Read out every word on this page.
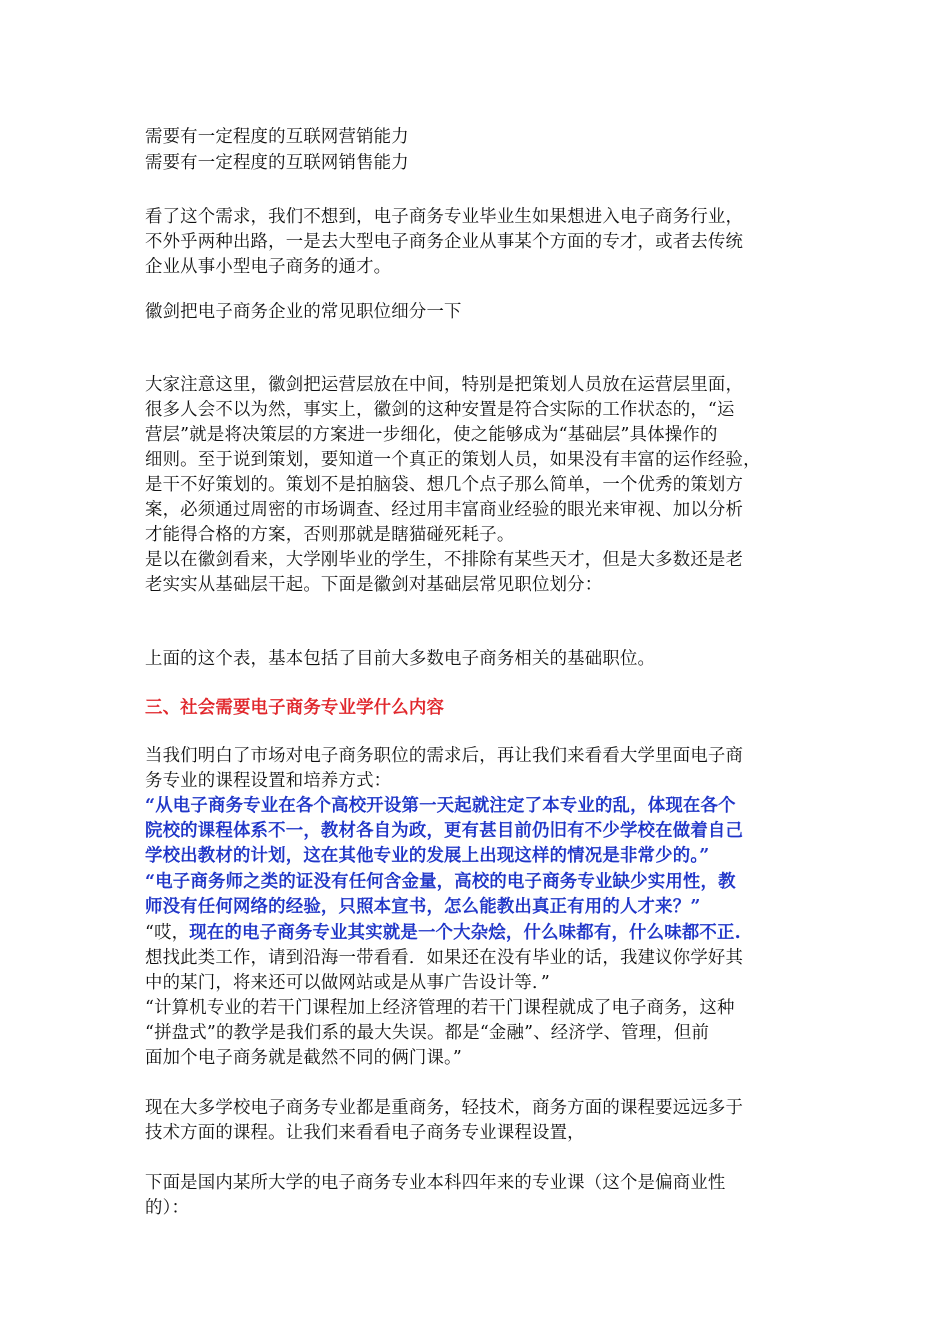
需要有一定程度的互联网营销能力

需要有一定程度的互联网销售能力

看了这个需求，我们不想到，电子商务专业毕业生如果想进入电子商务行业，

不外乎两种出路，一是去大型电子商务企业从事某个方面的专才，或者去传统

企业从事小型电子商务的通才。

徽剑把电子商务企业的常见职位细分一下

大家注意这里，徽剑把运营层放在中间，特别是把策划人员放在运营层里面，

很多人会不以为然，事实上，徽剑的这种安置是符合实际的工作状态的，“运

营层”就是将决策层的方案进一步细化，使之能够成为“基础层”具体操作的

细则。至于说到策划，要知道一个真正的策划人员，如果没有丰富的运作经验，

是干不好策划的。策划不是拍脑袋、想几个点子那么简单，一个优秀的策划方

案，必须通过周密的市场调查、经过用丰富商业经验的眼光来审视、加以分析

才能得合格的方案，否则那就是瞎猫碰死耗子。

是以在徽剑看来，大学刚毕业的学生，不排除有某些天才，但是大多数还是老

老实实从基础层干起。下面是徽剑对基础层常见职位划分：

上面的这个表，基本包括了目前大多数电子商务相关的基础职位。

三、社会需要电子商务专业学什么内容

当我们明白了市场对电子商务职位的需求后，再让我们来看看大学里面电子商

务专业的课程设置和培养方式：

“从电子商务专业在各个高校开设第一天起就注定了本专业的乱，体现在各个

院校的课程体系不一，教材各自为政，更有甚目前仍旧有不少学校在做着自己

学校出教材的计划，这在其他专业的发展上出现这样的情况是非常少的。”

“电子商务师之类的证没有任何含金量，高校的电子商务专业缺少实用性，教

师没有任何网络的经验，只照本宣书，怎么能教出真正有用的人才来？”

“哎，现在的电子商务专业其实就是一个大杂烩，什么味都有，什么味都不正.

想找此类工作，请到沿海一带看看．如果还在没有毕业的话，我建议你学好其

中的某门，将来还可以做网站或是从事广告设计等．”

“计算机专业的若干门课程加上经济管理的若干门课程就成了电子商务，这种

“拼盘式”的教学是我们系的最大失误。都是“金融”、经济学、管理，但前

面加个电子商务就是截然不同的俩门课。”

现在大多学校电子商务专业都是重商务，轻技术，商务方面的课程要远远多于

技术方面的课程。让我们来看看电子商务专业课程设置，

下面是国内某所大学的电子商务专业本科四年来的专业课（这个是偏商业性

的）：
